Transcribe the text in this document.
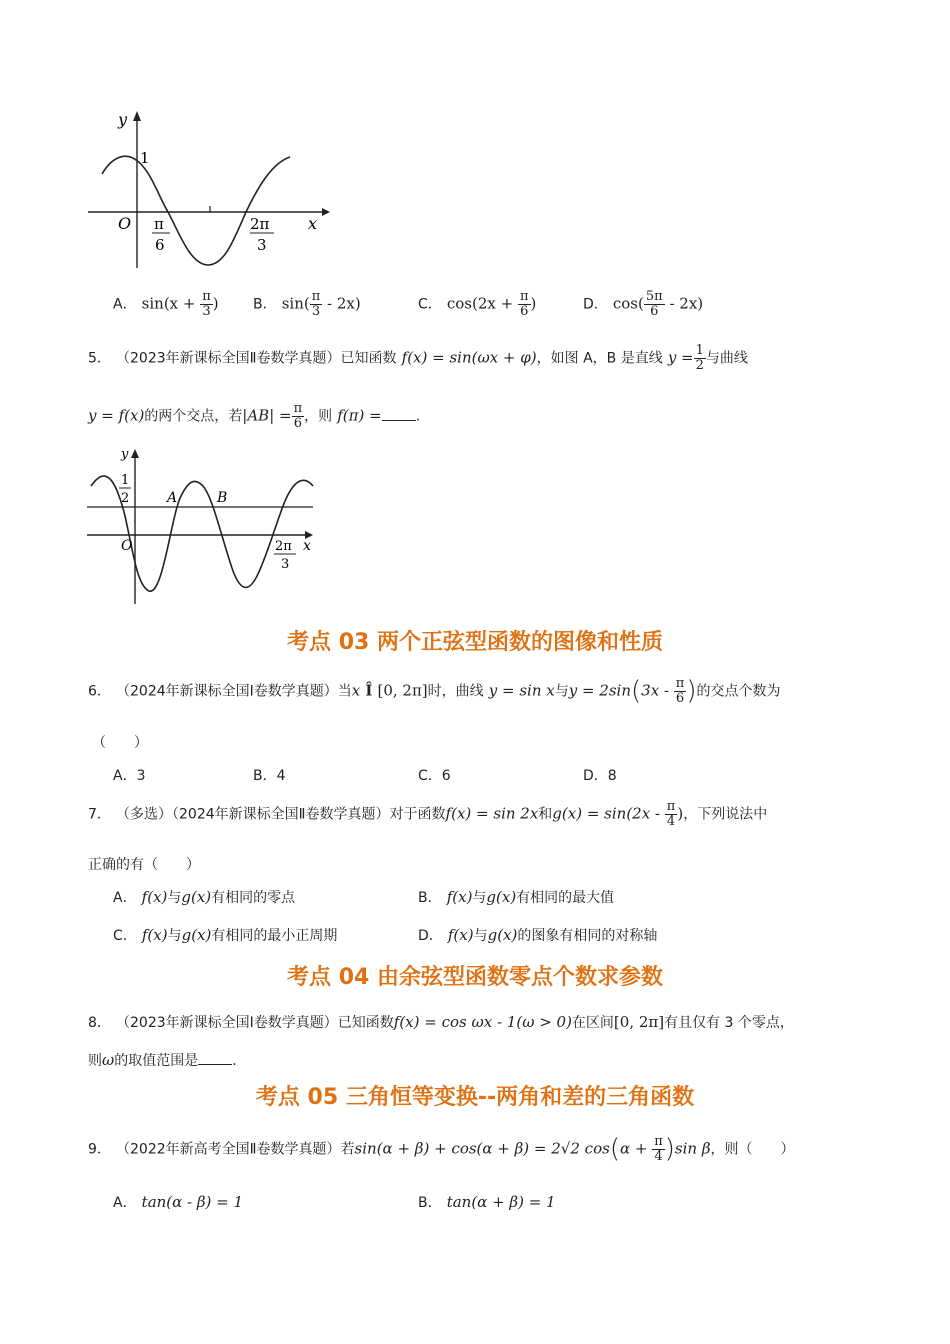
y
1
O	x
π
6
2π
3
A． $\sin(x + \frac{\pi}{3}$ ) B． $\sin( \frac{\pi}{3} - 2x)$	C． $\cos(2x + \frac{\pi}{6}$ )	D． $\cos( \frac{5\pi}{6} - 2x)$
5． （2023年新课标全国Ⅱ卷数学真题）已知函数 f(x) = sin(ωx + φ)，如图 A，B 是直线 $y = \frac{1}{2}$ 与曲线
y = f(x)的两个交点，若$|AB| = \frac{\pi}{6}$ ，则 f(π) = .
y
1
2	A	B
O	x
2π
3
考点 03 两个正弦型函数的图像和性质
6． （2024年新课标全国Ⅰ卷数学真题）当x Î [0, 2π]时，曲线 y = sin x与$y = 2\sin(3x - \frac{\pi}{6}$ )的交点个数为
（　　）
A．3	B．4	C．6	D．8
7． （多选）（2024年新课标全国Ⅱ卷数学真题）对于函数f(x) = sin 2x和$g(x) = \sin(2x - \frac{\pi}{4}$ )，下列说法中
正确的有（　　）
A． f(x)与g(x)有相同的零点	B． f(x)与g(x)有相同的最大值
C． f(x)与g(x)有相同的最小正周期	D． f(x)与g(x)的图象有相同的对称轴
考点 04 由余弦型函数零点个数求参数
8． （2023年新课标全国Ⅰ卷数学真题）已知函数f(x) = cos ωx - 1(ω > 0)在区间[0, 2π]有且仅有 3 个零点，
则ω的取值范围是 .
考点 05 三角恒等变换--两角和差的三角函数
9． （2022年新高考全国Ⅱ卷数学真题）若sin(α + β) + cos(α + β) = 2√2 $\cos(\alpha + \frac{\pi}{4} )\sin$ β，则（　　）
A． tan(α - β) = 1	B． tan(α + β) = 1
